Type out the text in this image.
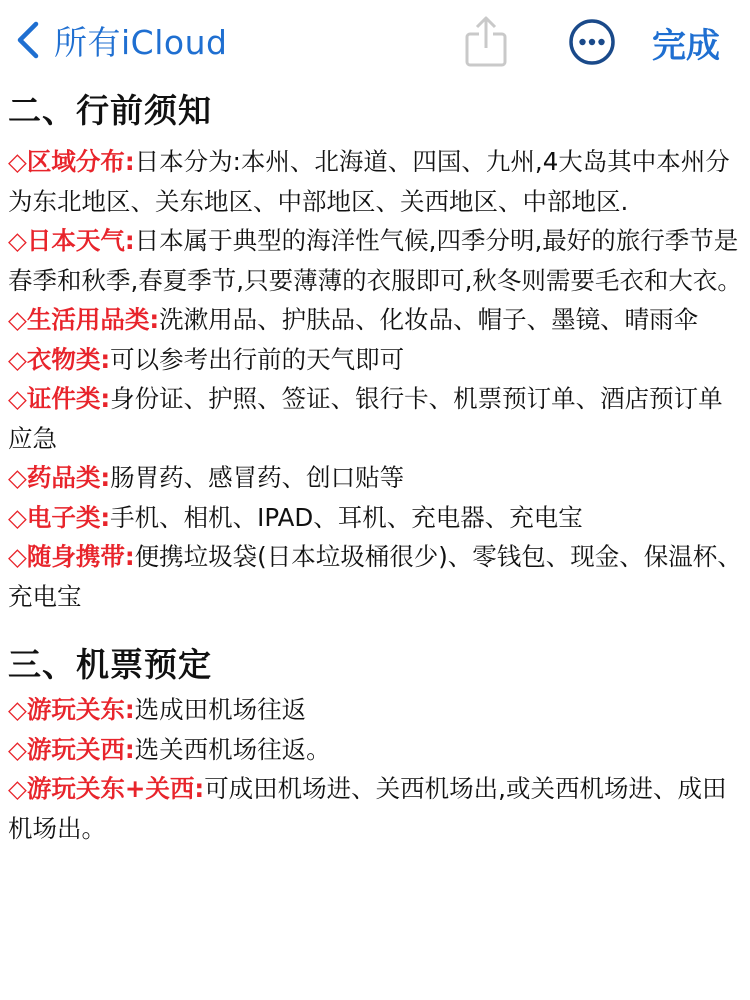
所有iCloud	完成
二、行前须知
◇区域分布:日本分为:本州、北海道、四国、九州,4大岛其中本州分为东北地区、关东地区、中部地区、关西地区、中部地区.
◇日本天气:日本属于典型的海洋性气候,四季分明,最好的旅行季节是春季和秋季,春夏季节,只要薄薄的衣服即可,秋冬则需要毛衣和大衣。
◇生活用品类:洗漱用品、护肤品、化妆品、帽子、墨镜、晴雨伞
◇衣物类:可以参考出行前的天气即可
◇证件类:身份证、护照、签证、银行卡、机票预订单、酒店预订单应急
◇药品类:肠胃药、感冒药、创口贴等
◇电子类:手机、相机、IPAD、耳机、充电器、充电宝
◇随身携带:便携垃圾袋(日本垃圾桶很少)、零钱包、现金、保温杯、充电宝
三、机票预定
◇游玩关东:选成田机场往返
◇游玩关西:选关西机场往返。
◇游玩关东+关西:可成田机场进、关西机场出,或关西机场进、成田机场出。
